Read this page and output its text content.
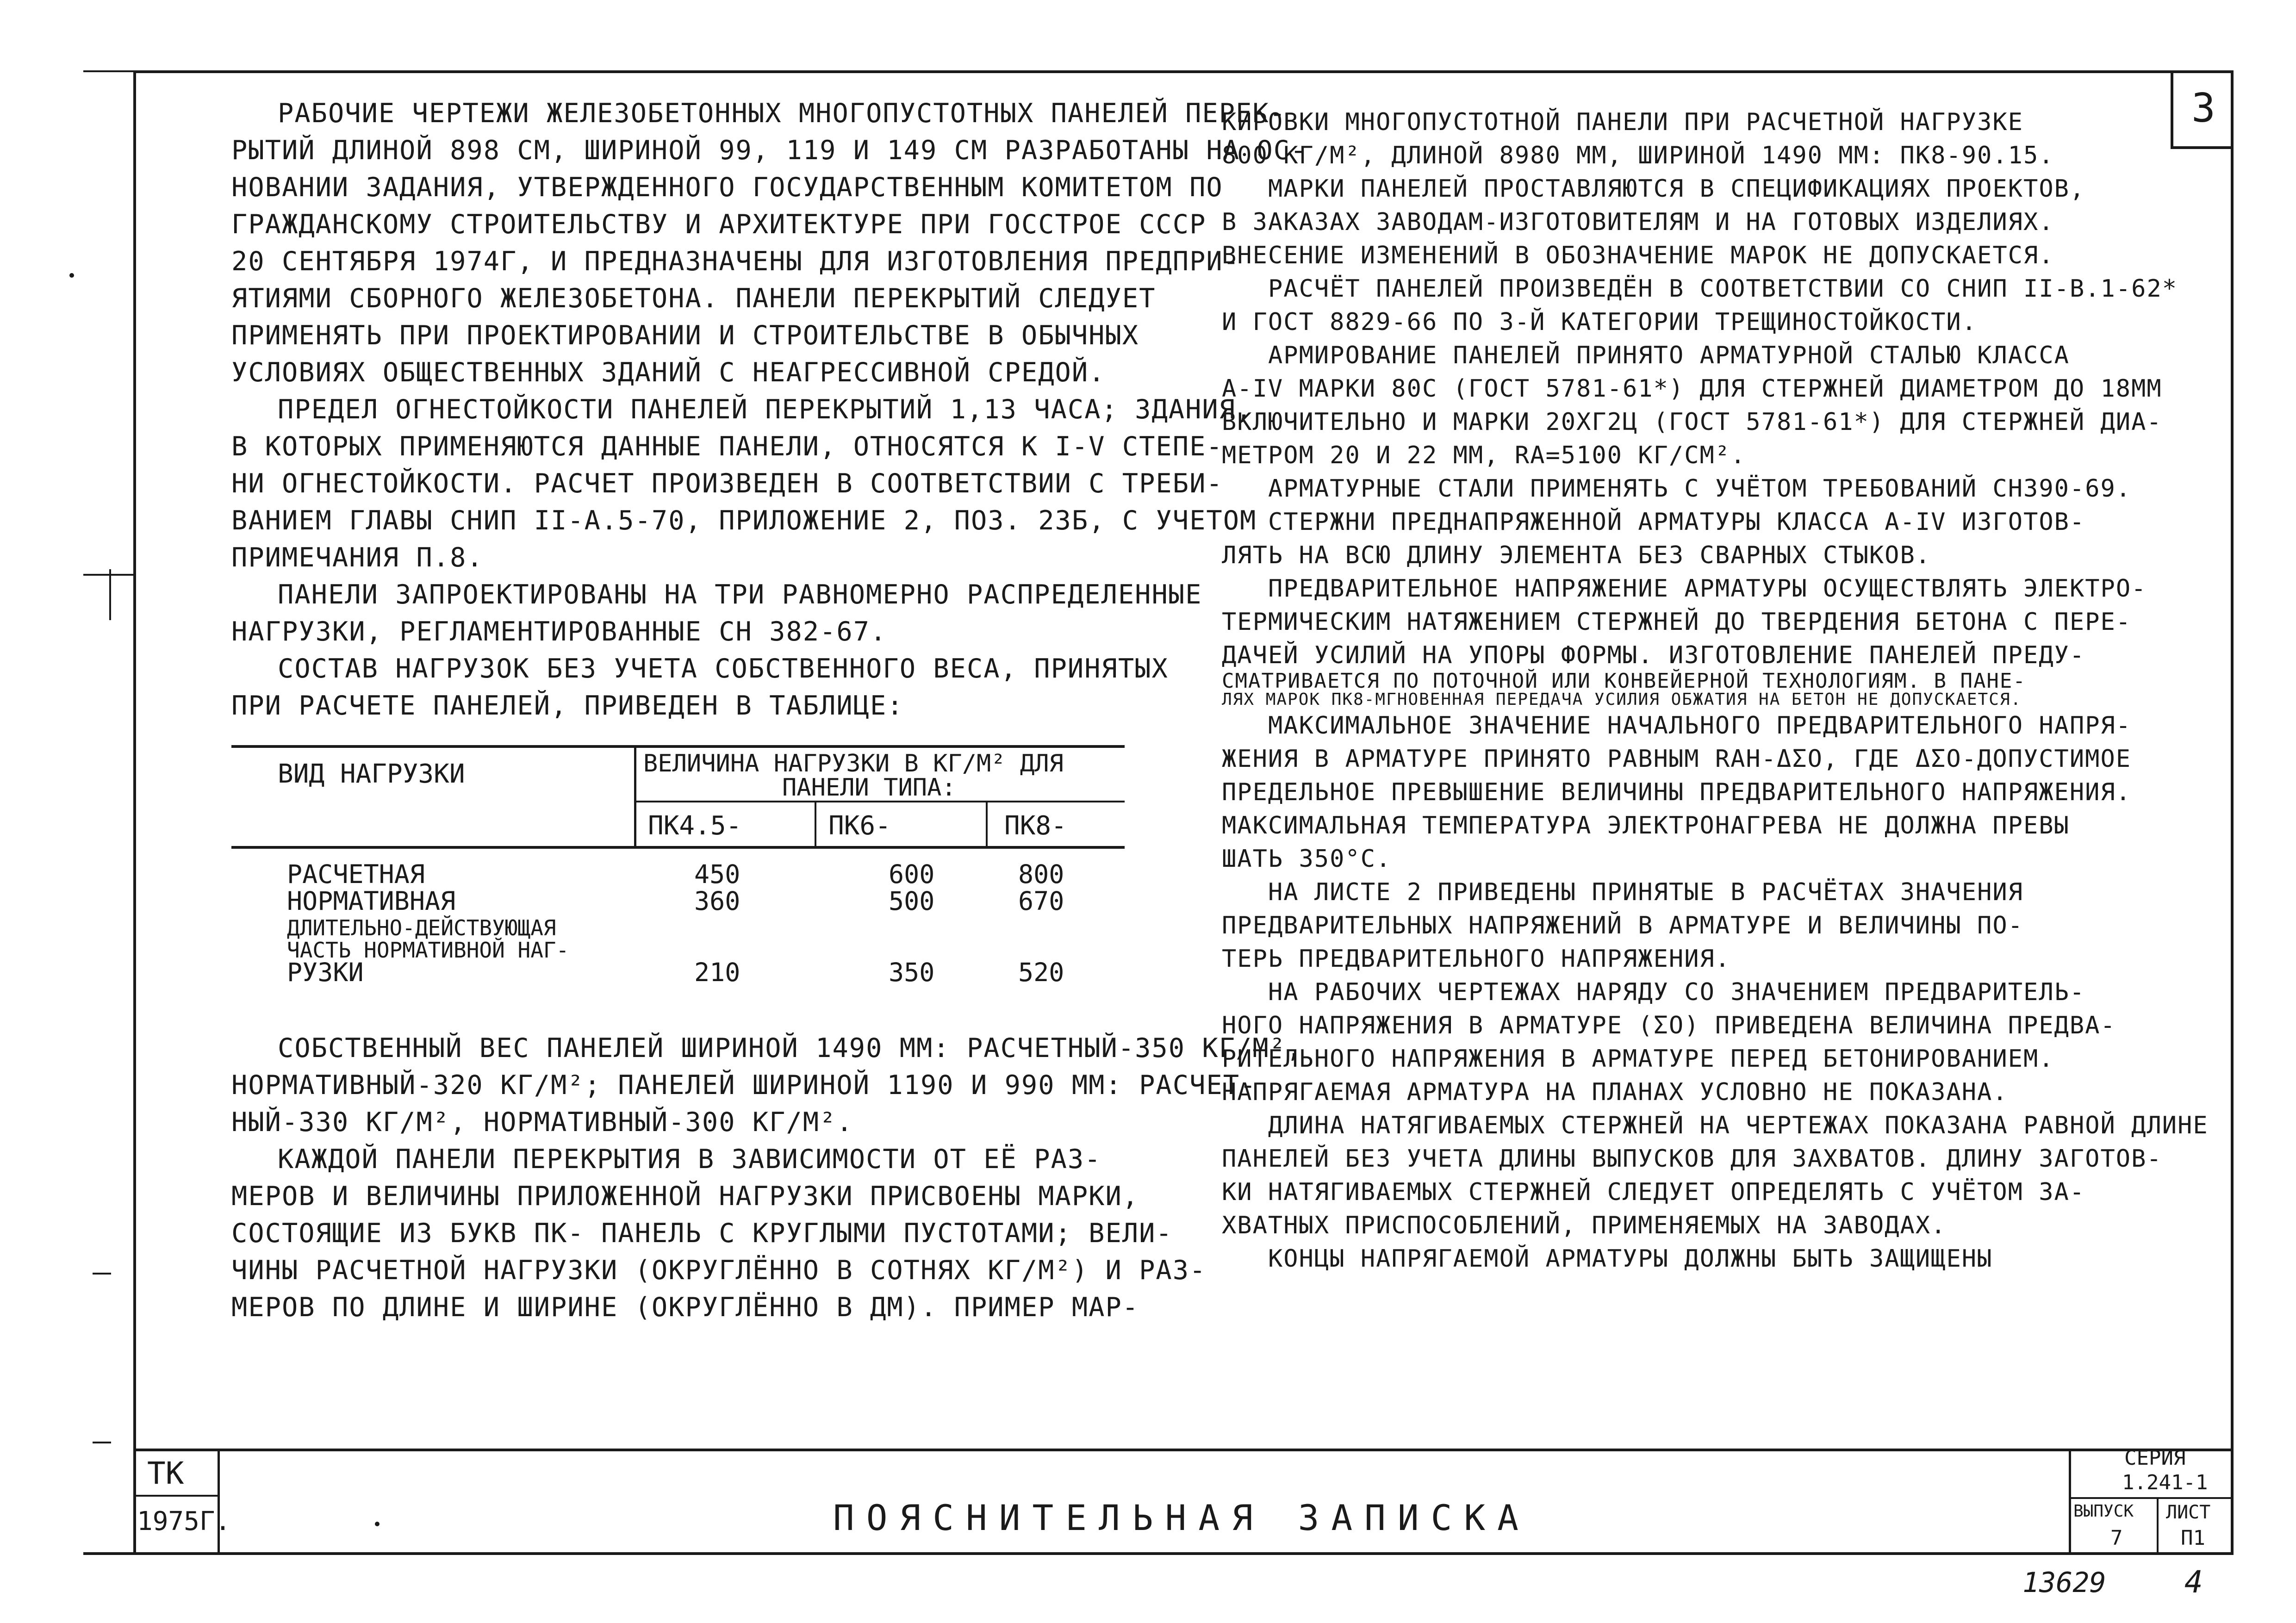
3

РАБОЧИЕ ЧЕРТЕЖИ ЖЕЛЕЗОБЕТОННЫХ МНОГОПУСТОТНЫХ ПАНЕЛЕЙ ПЕРЕК-

РЫТИЙ ДЛИНОЙ 898 СМ, ШИРИНОЙ 99, 119 И 149 СМ РАЗРАБОТАНЫ НА ОС-

НОВАНИИ ЗАДАНИЯ, УТВЕРЖДЕННОГО ГОСУДАРСТВЕННЫМ КОМИТЕТОМ ПО

ГРАЖДАНСКОМУ СТРОИТЕЛЬСТВУ И АРХИТЕКТУРЕ ПРИ ГОССТРОЕ СССР

20 СЕНТЯБРЯ 1974Г, И ПРЕДНАЗНАЧЕНЫ ДЛЯ ИЗГОТОВЛЕНИЯ ПРЕДПРИ-

ЯТИЯМИ СБОРНОГО ЖЕЛЕЗОБЕТОНА. ПАНЕЛИ ПЕРЕКРЫТИЙ СЛЕДУЕТ

ПРИМЕНЯТЬ ПРИ ПРОЕКТИРОВАНИИ И СТРОИТЕЛЬСТВЕ В ОБЫЧНЫХ

УСЛОВИЯХ ОБЩЕСТВЕННЫХ ЗДАНИЙ С НЕАГРЕССИВНОЙ СРЕДОЙ.

ПРЕДЕЛ ОГНЕСТОЙКОСТИ ПАНЕЛЕЙ ПЕРЕКРЫТИЙ 1,13 ЧАСА; ЗДАНИЯ,

В КОТОРЫХ ПРИМЕНЯЮТСЯ ДАННЫЕ ПАНЕЛИ, ОТНОСЯТСЯ К I-V СТЕПЕ-

НИ ОГНЕСТОЙКОСТИ. РАСЧЕТ ПРОИЗВЕДЕН В СООТВЕТСТВИИ С ТРЕБИ-

ВАНИЕМ ГЛАВЫ СНИП II-А.5-70, ПРИЛОЖЕНИЕ 2, ПОЗ. 23Б, С УЧЕТОМ

ПРИМЕЧАНИЯ П.8.

ПАНЕЛИ ЗАПРОЕКТИРОВАНЫ НА ТРИ РАВНОМЕРНО РАСПРЕДЕЛЕННЫЕ

НАГРУЗКИ, РЕГЛАМЕНТИРОВАННЫЕ СН 382-67.

СОСТАВ НАГРУЗОК БЕЗ УЧЕТА СОБСТВЕННОГО ВЕСА, ПРИНЯТЫХ

ПРИ РАСЧЕТЕ ПАНЕЛЕЙ, ПРИВЕДЕН В ТАБЛИЦЕ:

ВИД НАГРУЗКИ	ВЕЛИЧИНА НАГРУЗКИ В КГ/М² ДЛЯ
ПАНЕЛИ ТИПА:
ПК4.5-	ПК6-	ПК8-
РАСЧЕТНАЯ	450	600	800
НОРМАТИВНАЯ	360	500	670
ДЛИТЕЛЬНО-ДЕЙСТВУЮЩАЯ
ЧАСТЬ НОРМАТИВНОЙ НАГ-
РУЗКИ	210	350	520

СОБСТВЕННЫЙ ВЕС ПАНЕЛЕЙ ШИРИНОЙ 1490 ММ: РАСЧЕТНЫЙ-350 КГ/М²,

НОРМАТИВНЫЙ-320 КГ/М²; ПАНЕЛЕЙ ШИРИНОЙ 1190 И 990 ММ: РАСЧЕТ-

НЫЙ-330 КГ/М², НОРМАТИВНЫЙ-300 КГ/М².

КАЖДОЙ ПАНЕЛИ ПЕРЕКРЫТИЯ В ЗАВИСИМОСТИ ОТ ЕЁ РАЗ-

МЕРОВ И ВЕЛИЧИНЫ ПРИЛОЖЕННОЙ НАГРУЗКИ ПРИСВОЕНЫ МАРКИ,

СОСТОЯЩИЕ ИЗ БУКВ ПК- ПАНЕЛЬ С КРУГЛЫМИ ПУСТОТАМИ; ВЕЛИ-

ЧИНЫ РАСЧЕТНОЙ НАГРУЗКИ (ОКРУГЛЁННО В СОТНЯХ КГ/М²) И РАЗ-

МЕРОВ ПО ДЛИНЕ И ШИРИНЕ (ОКРУГЛЁННО В ДМ). ПРИМЕР МАР-

КИРОВКИ МНОГОПУСТОТНОЙ ПАНЕЛИ ПРИ РАСЧЕТНОЙ НАГРУЗКЕ

800 КГ/М², ДЛИНОЙ 8980 ММ, ШИРИНОЙ 1490 ММ: ПК8-90.15.

МАРКИ ПАНЕЛЕЙ ПРОСТАВЛЯЮТСЯ В СПЕЦИФИКАЦИЯХ ПРОЕКТОВ,

В ЗАКАЗАХ ЗАВОДАМ-ИЗГОТОВИТЕЛЯМ И НА ГОТОВЫХ ИЗДЕЛИЯХ.

ВНЕСЕНИЕ ИЗМЕНЕНИЙ В ОБОЗНАЧЕНИЕ МАРОК НЕ ДОПУСКАЕТСЯ.

РАСЧЁТ ПАНЕЛЕЙ ПРОИЗВЕДЁН В СООТВЕТСТВИИ СО СНИП II-В.1-62*

И ГОСТ 8829-66 ПО 3-Й КАТЕГОРИИ ТРЕЩИНОСТОЙКОСТИ.

АРМИРОВАНИЕ ПАНЕЛЕЙ ПРИНЯТО АРМАТУРНОЙ СТАЛЬЮ КЛАССА

А-IV МАРКИ 80С (ГОСТ 5781-61*) ДЛЯ СТЕРЖНЕЙ ДИАМЕТРОМ ДО 18ММ

ВКЛЮЧИТЕЛЬНО И МАРКИ 20ХГ2Ц (ГОСТ 5781-61*) ДЛЯ СТЕРЖНЕЙ ДИА-

МЕТРОМ 20 И 22 ММ, RА=5100 КГ/СМ².

АРМАТУРНЫЕ СТАЛИ ПРИМЕНЯТЬ С УЧЁТОМ ТРЕБОВАНИЙ СН390-69.

СТЕРЖНИ ПРЕДНАПРЯЖЕННОЙ АРМАТУРЫ КЛАССА А-IV ИЗГОТОВ-

ЛЯТЬ НА ВСЮ ДЛИНУ ЭЛЕМЕНТА БЕЗ СВАРНЫХ СТЫКОВ.

ПРЕДВАРИТЕЛЬНОЕ НАПРЯЖЕНИЕ АРМАТУРЫ ОСУЩЕСТВЛЯТЬ ЭЛЕКТРО-

ТЕРМИЧЕСКИМ НАТЯЖЕНИЕМ СТЕРЖНЕЙ ДО ТВЕРДЕНИЯ БЕТОНА С ПЕРЕ-

ДАЧЕЙ УСИЛИЙ НА УПОРЫ ФОРМЫ. ИЗГОТОВЛЕНИЕ ПАНЕЛЕЙ ПРЕДУ-

СМАТРИВАЕТСЯ ПО ПОТОЧНОЙ ИЛИ КОНВЕЙЕРНОЙ ТЕХНОЛОГИЯМ. В ПАНЕ-

ЛЯХ МАРОК ПК8-МГНОВЕННАЯ ПЕРЕДАЧА УСИЛИЯ ОБЖАТИЯ НА БЕТОН НЕ ДОПУСКАЕТСЯ.

МАКСИМАЛЬНОЕ ЗНАЧЕНИЕ НАЧАЛЬНОГО ПРЕДВАРИТЕЛЬНОГО НАПРЯ-

ЖЕНИЯ В АРМАТУРЕ ПРИНЯТО РАВНЫМ RАН-ΔΣО, ГДЕ ΔΣО-ДОПУСТИМОЕ

ПРЕДЕЛЬНОЕ ПРЕВЫШЕНИЕ ВЕЛИЧИНЫ ПРЕДВАРИТЕЛЬНОГО НАПРЯЖЕНИЯ.

МАКСИМАЛЬНАЯ ТЕМПЕРАТУРА ЭЛЕКТРОНАГРЕВА НЕ ДОЛЖНА ПРЕВЫ

ШАТЬ 350°С.

НА ЛИСТЕ 2 ПРИВЕДЕНЫ ПРИНЯТЫЕ В РАСЧЁТАХ ЗНАЧЕНИЯ

ПРЕДВАРИТЕЛЬНЫХ НАПРЯЖЕНИЙ В АРМАТУРЕ И ВЕЛИЧИНЫ ПО-

ТЕРЬ ПРЕДВАРИТЕЛЬНОГО НАПРЯЖЕНИЯ.

НА РАБОЧИХ ЧЕРТЕЖАХ НАРЯДУ СО ЗНАЧЕНИЕМ ПРЕДВАРИТЕЛЬ-

НОГО НАПРЯЖЕНИЯ В АРМАТУРЕ (ΣО) ПРИВЕДЕНА ВЕЛИЧИНА ПРЕДВА-

РИТЕЛЬНОГО НАПРЯЖЕНИЯ В АРМАТУРЕ ПЕРЕД БЕТОНИРОВАНИЕМ.

НАПРЯГАЕМАЯ АРМАТУРА НА ПЛАНАХ УСЛОВНО НЕ ПОКАЗАНА.

ДЛИНА НАТЯГИВАЕМЫХ СТЕРЖНЕЙ НА ЧЕРТЕЖАХ ПОКАЗАНА РАВНОЙ ДЛИНЕ

ПАНЕЛЕЙ БЕЗ УЧЕТА ДЛИНЫ ВЫПУСКОВ ДЛЯ ЗАХВАТОВ. ДЛИНУ ЗАГОТОВ-

КИ НАТЯГИВАЕМЫХ СТЕРЖНЕЙ СЛЕДУЕТ ОПРЕДЕЛЯТЬ С УЧЁТОМ ЗА-

ХВАТНЫХ ПРИСПОСОБЛЕНИЙ, ПРИМЕНЯЕМЫХ НА ЗАВОДАХ.

КОНЦЫ НАПРЯГАЕМОЙ АРМАТУРЫ ДОЛЖНЫ БЫТЬ ЗАЩИЩЕНЫ

ТК
1975Г.	ПОЯСНИТЕЛЬНАЯ ЗАПИСКА
СЕРИЯ
1.241-1
ВЫПУСК
7
ЛИСТ
П1
13629	4
